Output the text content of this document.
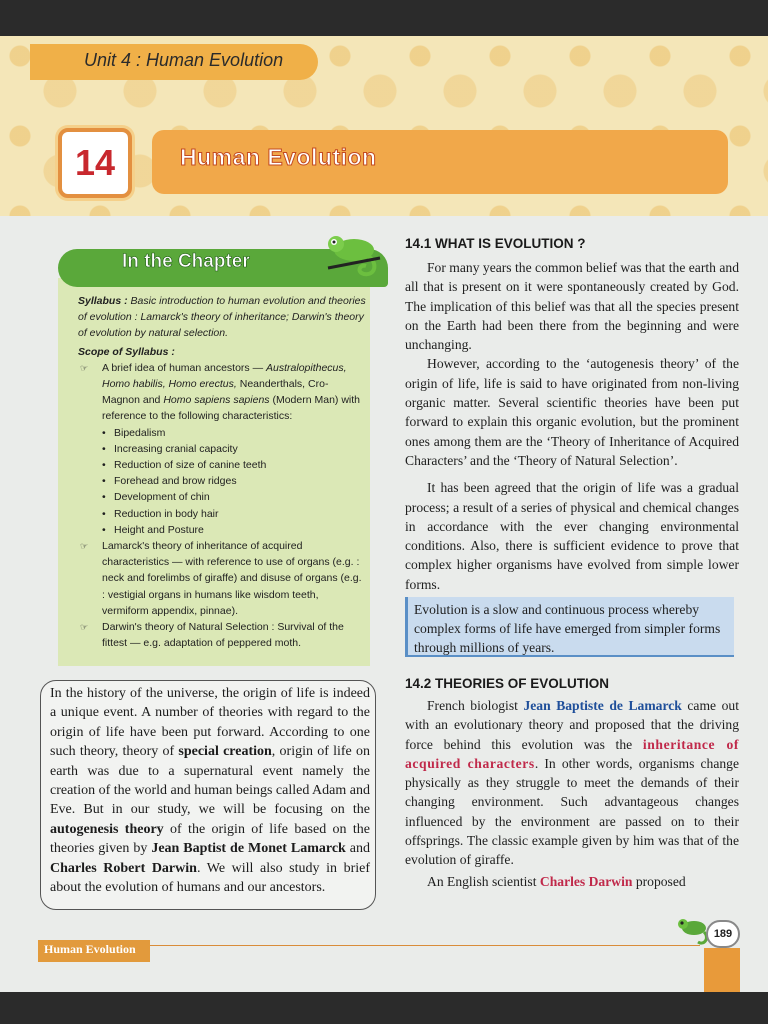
Unit 4 : Human Evolution
14	Human Evolution
In the Chapter

Syllabus : Basic introduction to human evolution and theories of evolution : Lamarck's theory of inheritance; Darwin's theory of evolution by natural selection.

Scope of Syllabus :

☞ A brief idea of human ancestors — Australopithecus, Homo habilis, Homo erectus, Neanderthals, Cro-Magnon and Homo sapiens sapiens (Modern Man) with reference to the following characteristics:

• Bipedalism

• Increasing cranial capacity

• Reduction of size of canine teeth

• Forehead and brow ridges

• Development of chin

• Reduction in body hair

• Height and Posture

☞ Lamarck's theory of inheritance of acquired characteristics — with reference to use of organs (e.g. : neck and forelimbs of giraffe) and disuse of organs (e.g. : vestigial organs in humans like wisdom teeth, vermiform appendix, pinnae).

☞ Darwin's theory of Natural Selection : Survival of the fittest — e.g. adaptation of peppered moth.

In the history of the universe, the origin of life is indeed a unique event. A number of theories with regard to the origin of life have been put forward. According to one such theory, theory of special creation, origin of life on earth was due to a supernatural event namely the creation of the world and human beings called Adam and Eve. But in our study, we will be focusing on the autogenesis theory of the origin of life based on the theories given by Jean Baptist de Monet Lamarck and Charles Robert Darwin. We will also study in brief about the evolution of humans and our ancestors.
14.1 WHAT IS EVOLUTION ?

For many years the common belief was that the earth and all that is present on it were spontaneously created by God. The implication of this belief was that all the species present on the Earth had been there from the beginning and were unchanging.

However, according to the ‘autogenesis theory’ of the origin of life, life is said to have originated from non-living organic matter. Several scientific theories have been put forward to explain this organic evolution, but the prominent ones among them are the ‘Theory of Inheritance of Acquired Characters’ and the ‘Theory of Natural Selection’.

It has been agreed that the origin of life was a gradual process; a result of a series of physical and chemical changes in accordance with the ever changing environmental conditions. Also, there is sufficient evidence to prove that complex higher organisms have evolved from simple lower forms.

Evolution is a slow and continuous process whereby complex forms of life have emerged from simpler forms through millions of years.
14.2 THEORIES OF EVOLUTION

French biologist Jean Baptiste de Lamarck came out with an evolutionary theory and proposed that the driving force behind this evolution was the inheritance of acquired characters. In other words, organisms change physically as they struggle to meet the demands of their changing environment. Such advantageous changes influenced by the environment are passed on to their offsprings. The classic example given by him was that of the evolution of giraffe.

An English scientist Charles Darwin proposed

Human Evolution
189
